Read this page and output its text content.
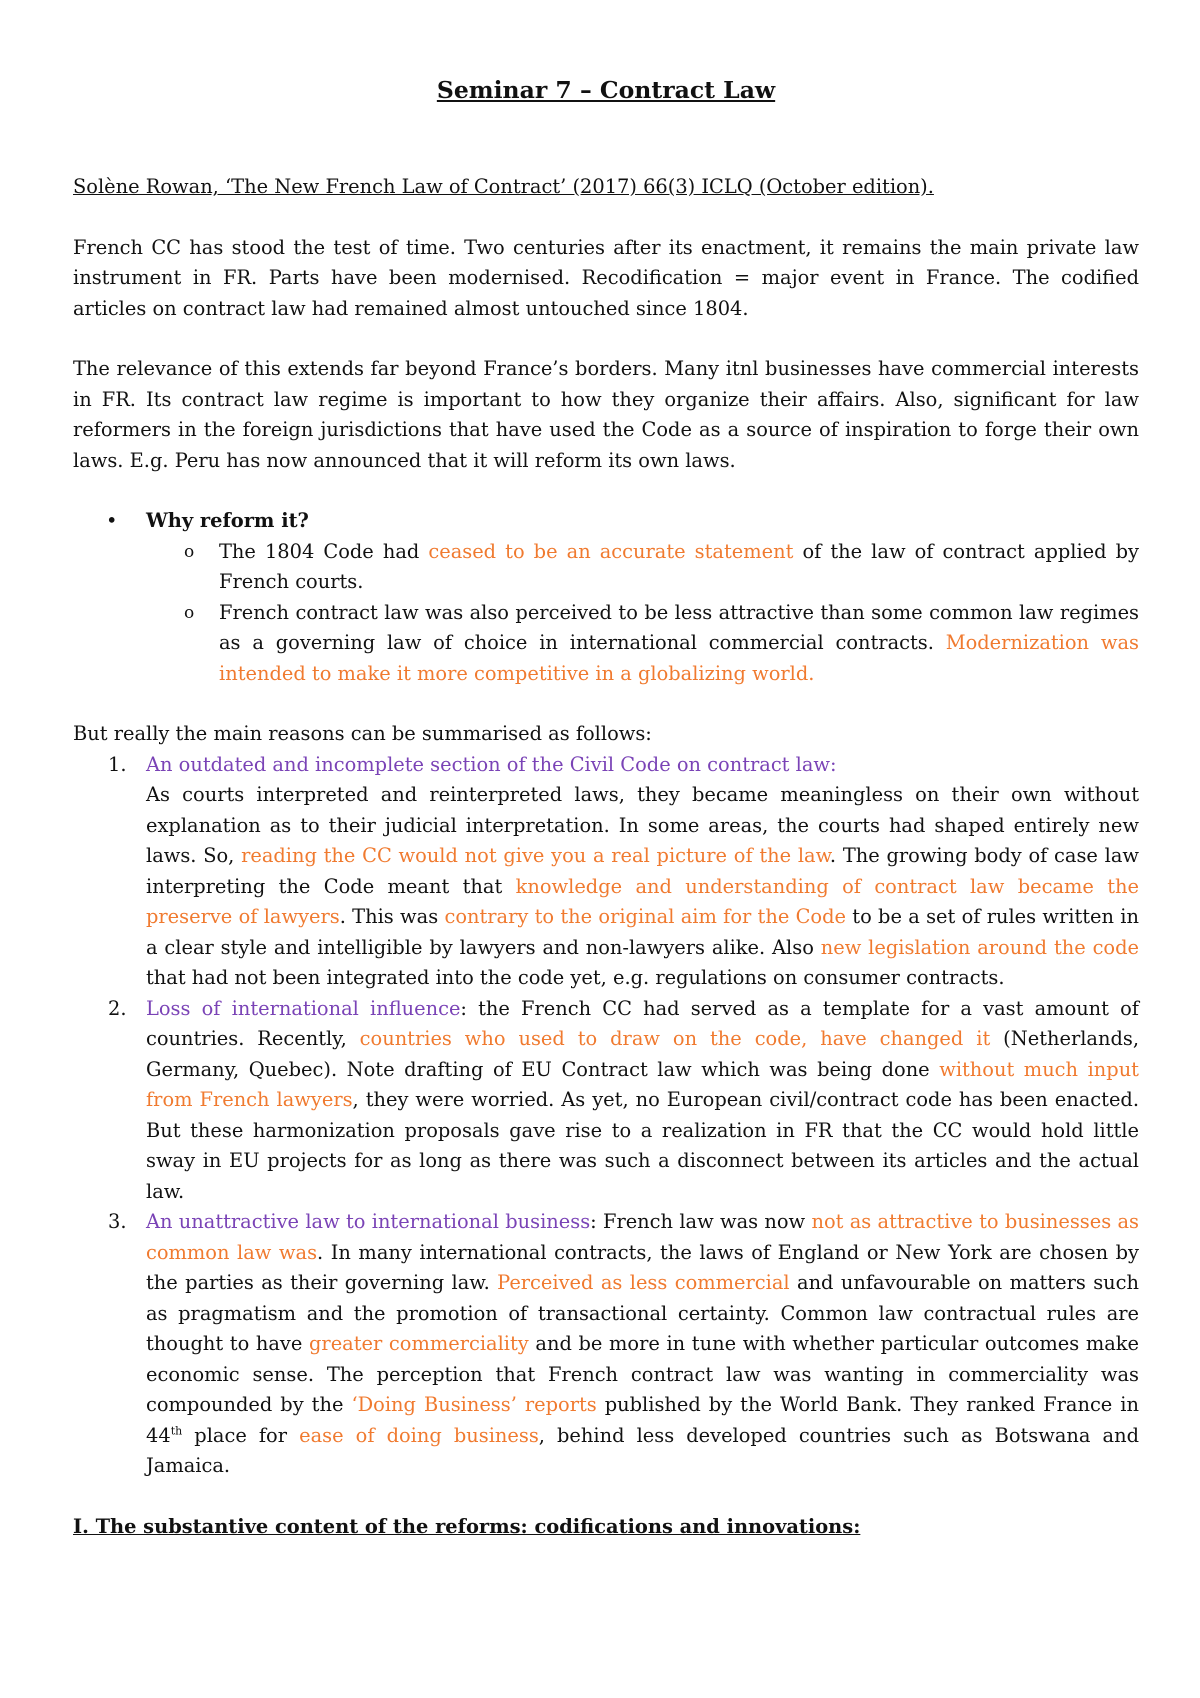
Seminar 7 – Contract Law

Solène Rowan, ‘The New French Law of Contract’ (2017) 66(3) ICLQ (October edition).

French CC has stood the test of time. Two centuries after its enactment, it remains the main private law instrument in FR. Parts have been modernised. Recodification = major event in France. The codified articles on contract law had remained almost untouched since 1804.

The relevance of this extends far beyond France’s borders. Many itnl businesses have commercial interests in FR. Its contract law regime is important to how they organize their affairs. Also, significant for law reformers in the foreign jurisdictions that have used the Code as a source of inspiration to forge their own laws. E.g. Peru has now announced that it will reform its own laws.

• Why reform it?
o The 1804 Code had ceased to be an accurate statement of the law of contract applied by French courts.
o French contract law was also perceived to be less attractive than some common law regimes as a governing law of choice in international commercial contracts. Modernization was intended to make it more competitive in a globalizing world.

But really the main reasons can be summarised as follows:

1. An outdated and incomplete section of the Civil Code on contract law:
As courts interpreted and reinterpreted laws, they became meaningless on their own without explanation as to their judicial interpretation. In some areas, the courts had shaped entirely new laws. So, reading the CC would not give you a real picture of the law. The growing body of case law interpreting the Code meant that knowledge and understanding of contract law became the preserve of lawyers. This was contrary to the original aim for the Code to be a set of rules written in a clear style and intelligible by lawyers and non-lawyers alike. Also new legislation around the code that had not been integrated into the code yet, e.g. regulations on consumer contracts.
2. Loss of international influence: the French CC had served as a template for a vast amount of countries. Recently, countries who used to draw on the code, have changed it (Netherlands, Germany, Quebec). Note drafting of EU Contract law which was being done without much input from French lawyers, they were worried. As yet, no European civil/contract code has been enacted. But these harmonization proposals gave rise to a realization in FR that the CC would hold little sway in EU projects for as long as there was such a disconnect between its articles and the actual law.
3. An unattractive law to international business: French law was now not as attractive to businesses as common law was. In many international contracts, the laws of England or New York are chosen by the parties as their governing law. Perceived as less commercial and unfavourable on matters such as pragmatism and the promotion of transactional certainty. Common law contractual rules are thought to have greater commerciality and be more in tune with whether particular outcomes make economic sense. The perception that French contract law was wanting in commerciality was compounded by the ‘Doing Business’ reports published by the World Bank. They ranked France in 44th place for ease of doing business, behind less developed countries such as Botswana and Jamaica.

I. The substantive content of the reforms: codifications and innovations:
